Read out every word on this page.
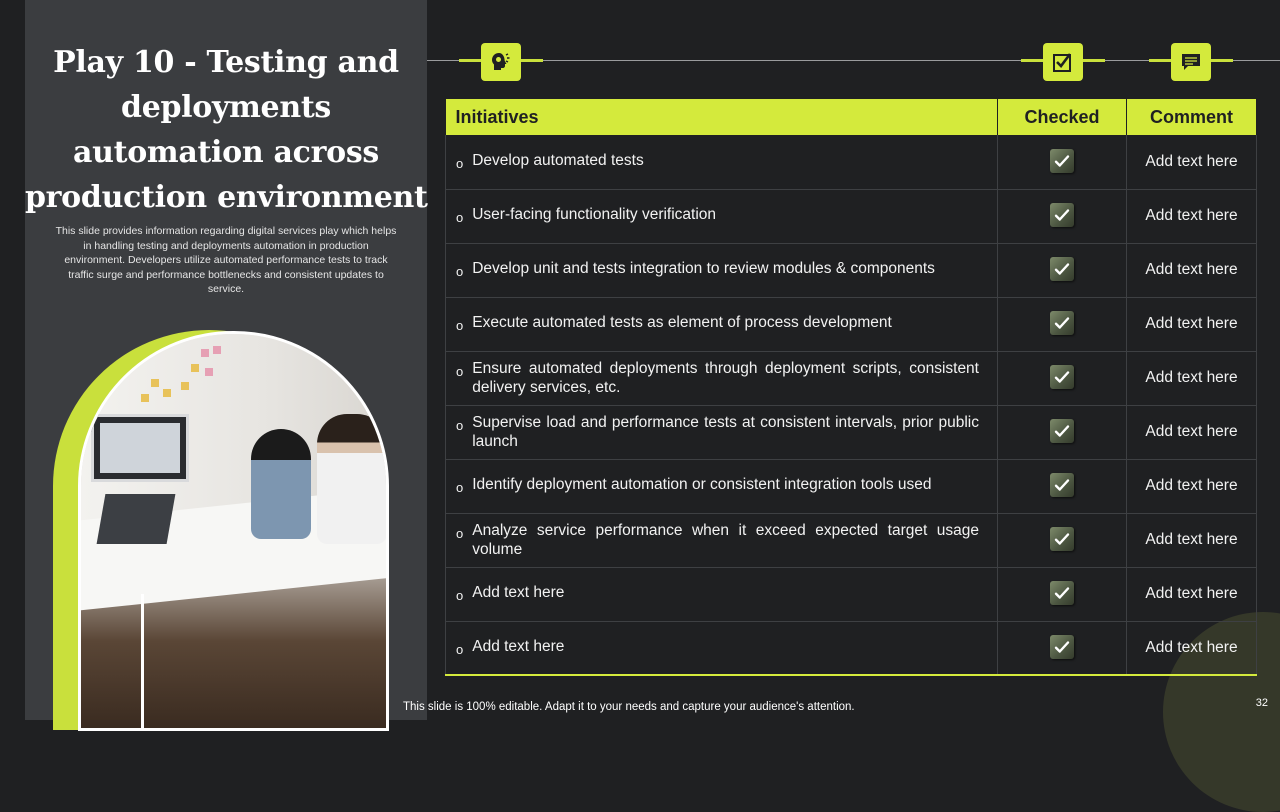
Play 10 - Testing and
deployments
automation across
production environment
This slide provides information regarding digital services play which helps in handling testing and deployments automation in production environment. Developers utilize automated performance tests to track traffic surge and performance bottlenecks and consistent updates to service.
Initiatives	Checked	Comment

o Develop automated tests		Add text here

o User-facing functionality verification		Add text here

o Develop unit and tests integration to review modules & components		Add text here

o Execute automated tests as element of process development		Add text here

o Ensure automated deployments through deployment scripts, consistent delivery services, etc.		Add text here

o Supervise load and performance tests at consistent intervals, prior public launch		Add text here

o Identify deployment automation or consistent integration tools used		Add text here

o Analyze service performance when it exceed expected target usage volume		Add text here

o Add text here		Add text here

o Add text here		Add text here
This slide is 100% editable. Adapt it to your needs and capture your audience's attention.	32
